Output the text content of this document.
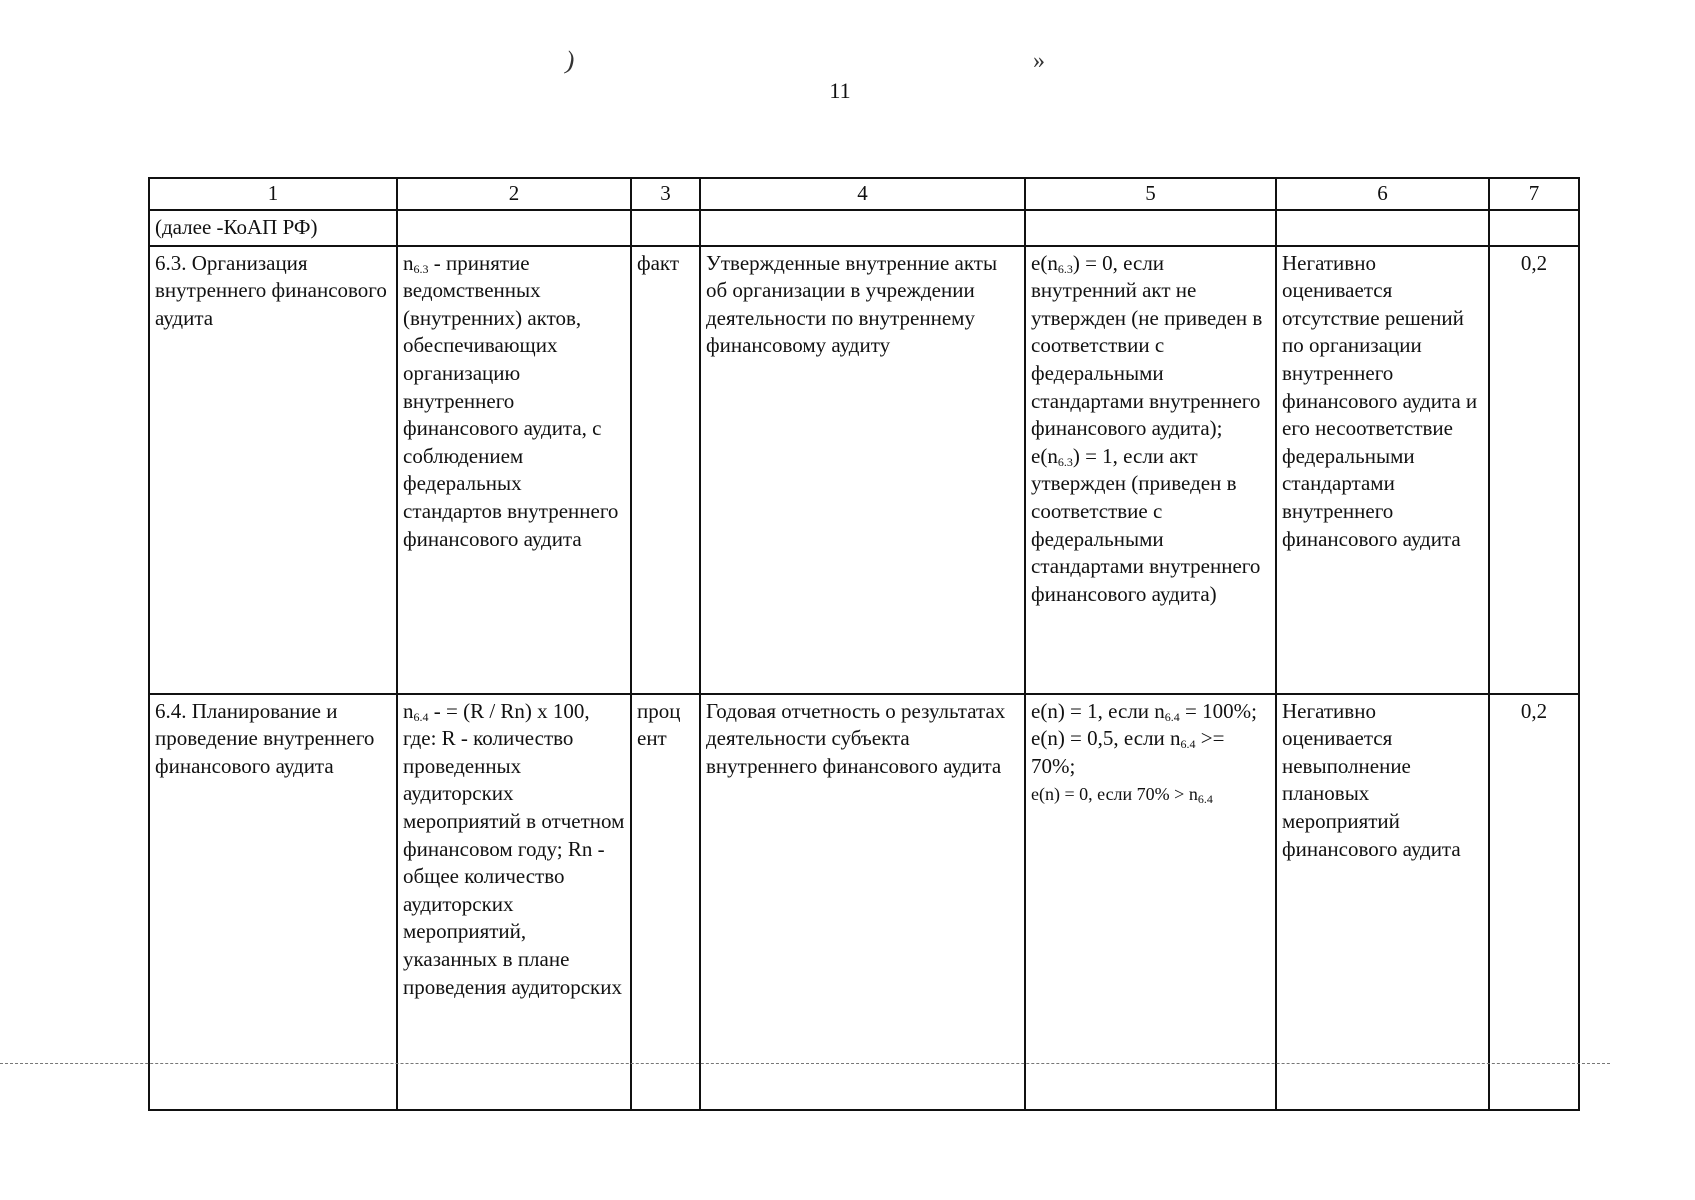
)	»
11
1	2	3	4	5	6	7
(далее -КоАП РФ)						
6.3. Организация внутреннего финансового аудита	$n_{6.3}$ - принятие ведомственных (внутренних) актов, обеспечивающих организацию внутреннего финансового аудита, с соблюдением федеральных стандартов внутреннего финансового аудита	факт	Утвержденные внутренние акты об организации в учреждении деятельности по внутреннему финансовому аудиту	$e(n_{6.3}) = 0$, если внутренний акт не утвержден (не приведен в соответствии с федеральными стандартами внутреннего финансового аудита);
$e(n_{6.3}) = 1$, если акт утвержден (приведен в соответствие с федеральными стандартами внутреннего финансового аудита)	Негативно оценивается отсутствие решений по организации внутреннего финансового аудита и его несоответствие федеральными стандартами внутреннего финансового аудита	0,2
6.4. Планирование и проведение внутреннего финансового аудита	$n_{6.4}$ - = (R / Rn) x 100, где: R - количество проведенных аудиторских мероприятий в отчетном финансовом году; Rn - общее количество аудиторских мероприятий, указанных в плане проведения аудиторских	проц ент	Годовая отчетность о результатах деятельности субъекта внутреннего финансового аудита	e(n) = 1, если $n_{6.4} = 100\%$;
e(n) = 0,5, если $n_{6.4} >= 70\%$;
e(n) = 0, если $70\% > n_{6.4}$	Негативно оценивается невыполнение плановых мероприятий финансового аудита	0,2
